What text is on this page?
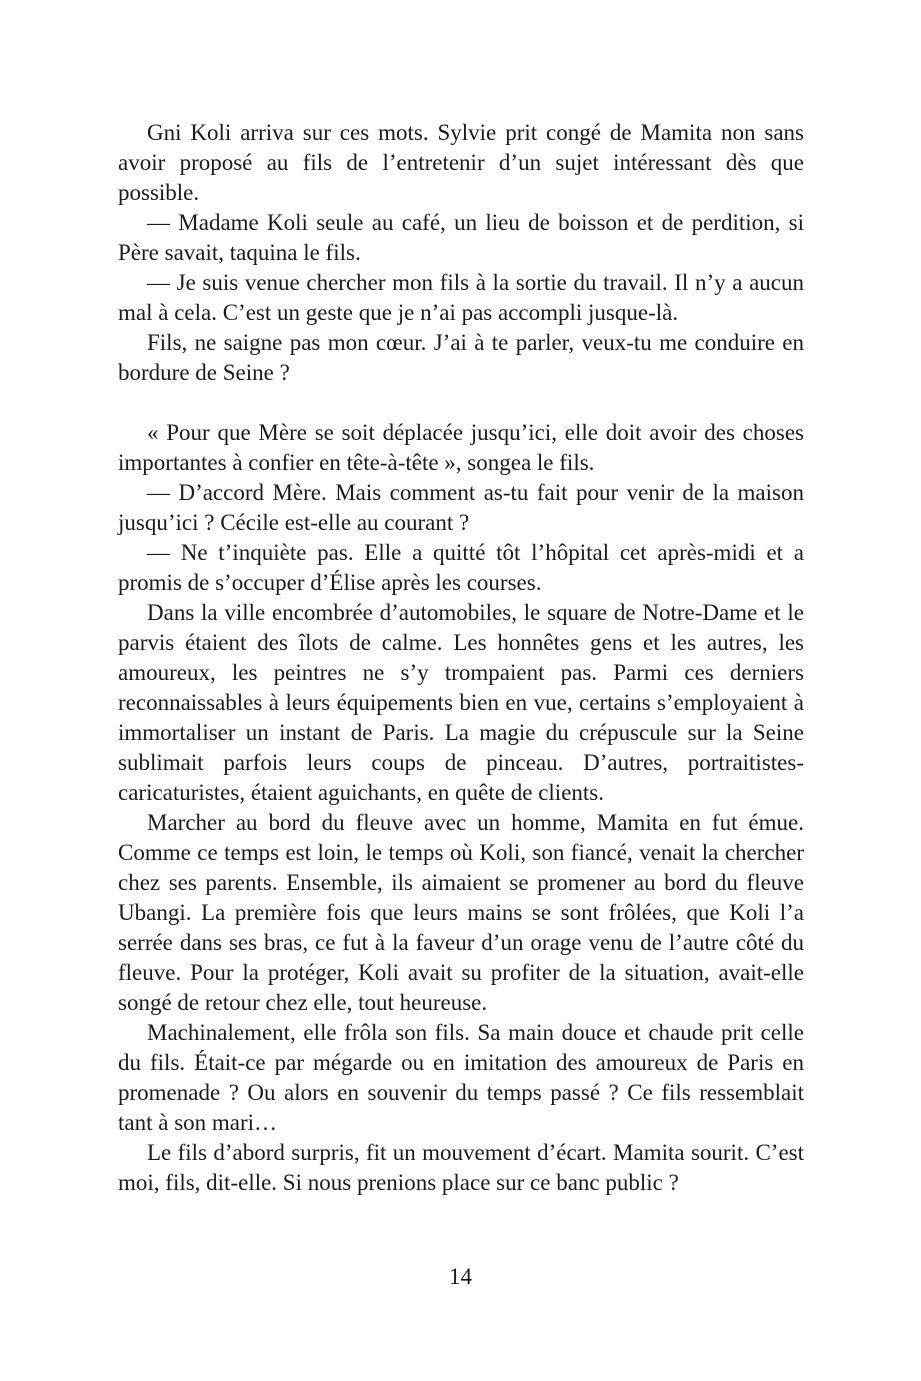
Gni Koli arriva sur ces mots. Sylvie prit congé de Mamita non sans avoir proposé au fils de l’entretenir d’un sujet intéressant dès que possible.

— Madame Koli seule au café, un lieu de boisson et de perdition, si Père savait, taquina le fils.

— Je suis venue chercher mon fils à la sortie du travail. Il n’y a aucun mal à cela. C’est un geste que je n’ai pas accompli jusque-là.

Fils, ne saigne pas mon cœur. J’ai à te parler, veux-tu me conduire en bordure de Seine ?

« Pour que Mère se soit déplacée jusqu’ici, elle doit avoir des choses importantes à confier en tête-à-tête », songea le fils.

— D’accord Mère. Mais comment as-tu fait pour venir de la maison jusqu’ici ? Cécile est-elle au courant ?

— Ne t’inquiète pas. Elle a quitté tôt l’hôpital cet après-midi et a promis de s’occuper d’Élise après les courses.

Dans la ville encombrée d’automobiles, le square de Notre-Dame et le parvis étaient des îlots de calme. Les honnêtes gens et les autres, les amoureux, les peintres ne s’y trompaient pas. Parmi ces derniers reconnaissables à leurs équipements bien en vue, certains s’employaient à immortaliser un instant de Paris. La magie du crépuscule sur la Seine sublimait parfois leurs coups de pinceau. D’autres, portraitistes-caricaturistes, étaient aguichants, en quête de clients.

Marcher au bord du fleuve avec un homme, Mamita en fut émue. Comme ce temps est loin, le temps où Koli, son fiancé, venait la chercher chez ses parents. Ensemble, ils aimaient se promener au bord du fleuve Ubangi. La première fois que leurs mains se sont frôlées, que Koli l’a serrée dans ses bras, ce fut à la faveur d’un orage venu de l’autre côté du fleuve. Pour la protéger, Koli avait su profiter de la situation, avait-elle songé de retour chez elle, tout heureuse.

Machinalement, elle frôla son fils. Sa main douce et chaude prit celle du fils. Était-ce par mégarde ou en imitation des amoureux de Paris en promenade ? Ou alors en souvenir du temps passé ? Ce fils ressemblait tant à son mari…

Le fils d’abord surpris, fit un mouvement d’écart. Mamita sourit. C’est moi, fils, dit-elle. Si nous prenions place sur ce banc public ?

14
